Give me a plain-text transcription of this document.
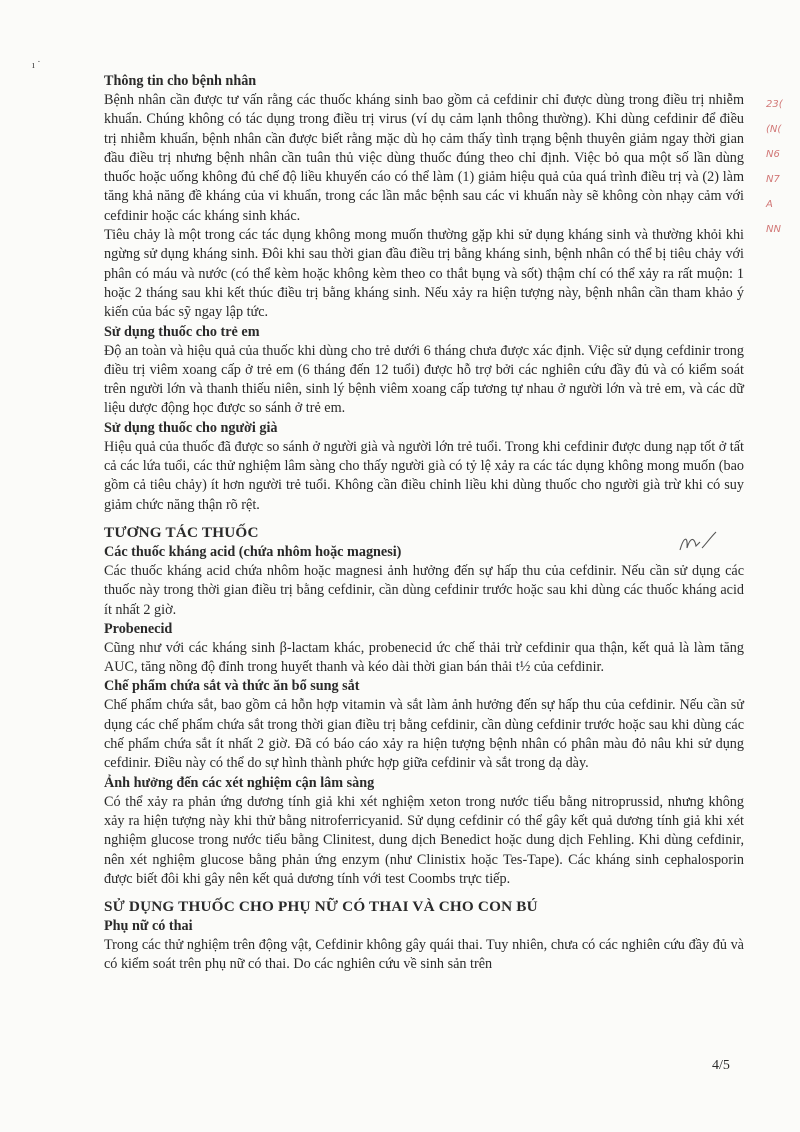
ı ˙
23(
(N(
N6
N7
A
NN
Thông tin cho bệnh nhân
Bệnh nhân cần được tư vấn rằng các thuốc kháng sinh bao gồm cả cefdinir chỉ được dùng trong điều trị nhiễm khuẩn. Chúng không có tác dụng trong điều trị virus (ví dụ cảm lạnh thông thường). Khi dùng cefdinir để điều trị nhiễm khuẩn, bệnh nhân cần được biết rằng mặc dù họ cảm thấy tình trạng bệnh thuyên giảm ngay thời gian đầu điều trị nhưng bệnh nhân cần tuân thủ việc dùng thuốc đúng theo chỉ định. Việc bỏ qua một số lần dùng thuốc hoặc uống không đủ chế độ liều khuyến cáo có thể làm (1) giảm hiệu quả của quá trình điều trị và (2) làm tăng khả năng đề kháng của vi khuẩn, trong các lần mắc bệnh sau các vi khuẩn này sẽ không còn nhạy cảm với cefdinir hoặc các kháng sinh khác.
Tiêu chảy là một trong các tác dụng không mong muốn thường gặp khi sử dụng kháng sinh và thường khỏi khi ngừng sử dụng kháng sinh. Đôi khi sau thời gian đầu điều trị bằng kháng sinh, bệnh nhân có thể bị tiêu chảy với phân có máu và nước (có thể kèm hoặc không kèm theo co thắt bụng và sốt) thậm chí có thể xảy ra rất muộn: 1 hoặc 2 tháng sau khi kết thúc điều trị bằng kháng sinh. Nếu xảy ra hiện tượng này, bệnh nhân cần tham khảo ý kiến của bác sỹ ngay lập tức.
Sử dụng thuốc cho trẻ em
Độ an toàn và hiệu quả của thuốc khi dùng cho trẻ dưới 6 tháng chưa được xác định. Việc sử dụng cefdinir trong điều trị viêm xoang cấp ở trẻ em (6 tháng đến 12 tuổi) được hỗ trợ bởi các nghiên cứu đầy đủ và có kiểm soát trên người lớn và thanh thiếu niên, sinh lý bệnh viêm xoang cấp tương tự nhau ở người lớn và trẻ em, và các dữ liệu dược động học được so sánh ở trẻ em.
Sử dụng thuốc cho người già
Hiệu quả của thuốc đã được so sánh ở người già và người lớn trẻ tuổi. Trong khi cefdinir được dung nạp tốt ở tất cả các lứa tuổi, các thử nghiệm lâm sàng cho thấy người già có tỷ lệ xảy ra các tác dụng không mong muốn (bao gồm cả tiêu chảy) ít hơn người trẻ tuổi. Không cần điều chỉnh liều khi dùng thuốc cho người già trừ khi có suy giảm chức năng thận rõ rệt.
TƯƠNG TÁC THUỐC
Các thuốc kháng acid (chứa nhôm hoặc magnesi)
Các thuốc kháng acid chứa nhôm hoặc magnesi ảnh hưởng đến sự hấp thu của cefdinir. Nếu cần sử dụng các thuốc này trong thời gian điều trị bằng cefdinir, cần dùng cefdinir trước hoặc sau khi dùng các thuốc kháng acid ít nhất 2 giờ.
Probenecid
Cũng như với các kháng sinh β-lactam khác, probenecid ức chế thải trừ cefdinir qua thận, kết quả là làm tăng AUC, tăng nồng độ đỉnh trong huyết thanh và kéo dài thời gian bán thải t½ của cefdinir.
Chế phẩm chứa sắt và thức ăn bổ sung sắt
Chế phẩm chứa sắt, bao gồm cả hỗn hợp vitamin và sắt làm ảnh hưởng đến sự hấp thu của cefdinir. Nếu cần sử dụng các chế phẩm chứa sắt trong thời gian điều trị bằng cefdinir, cần dùng cefdinir trước hoặc sau khi dùng các chế phẩm chứa sắt ít nhất 2 giờ. Đã có báo cáo xảy ra hiện tượng bệnh nhân có phân màu đỏ nâu khi sử dụng cefdinir. Điều này có thể do sự hình thành phức hợp giữa cefdinir và sắt trong dạ dày.
Ảnh hưởng đến các xét nghiệm cận lâm sàng
Có thể xảy ra phản ứng dương tính giả khi xét nghiệm xeton trong nước tiểu bằng nitroprussid, nhưng không xảy ra hiện tượng này khi thử bằng nitroferricyanid. Sử dụng cefdinir có thể gây kết quả dương tính giả khi xét nghiệm glucose trong nước tiểu bằng Clinitest, dung dịch Benedict hoặc dung dịch Fehling. Khi dùng cefdinir, nên xét nghiệm glucose bằng phản ứng enzym (như Clinistix hoặc Tes-Tape). Các kháng sinh cephalosporin được biết đôi khi gây nên kết quả dương tính với test Coombs trực tiếp.
SỬ DỤNG THUỐC CHO PHỤ NỮ CÓ THAI VÀ CHO CON BÚ
Phụ nữ có thai
Trong các thử nghiệm trên động vật, Cefdinir không gây quái thai. Tuy nhiên, chưa có các nghiên cứu đầy đủ và có kiểm soát trên phụ nữ có thai. Do các nghiên cứu về sinh sản trên
4/5
